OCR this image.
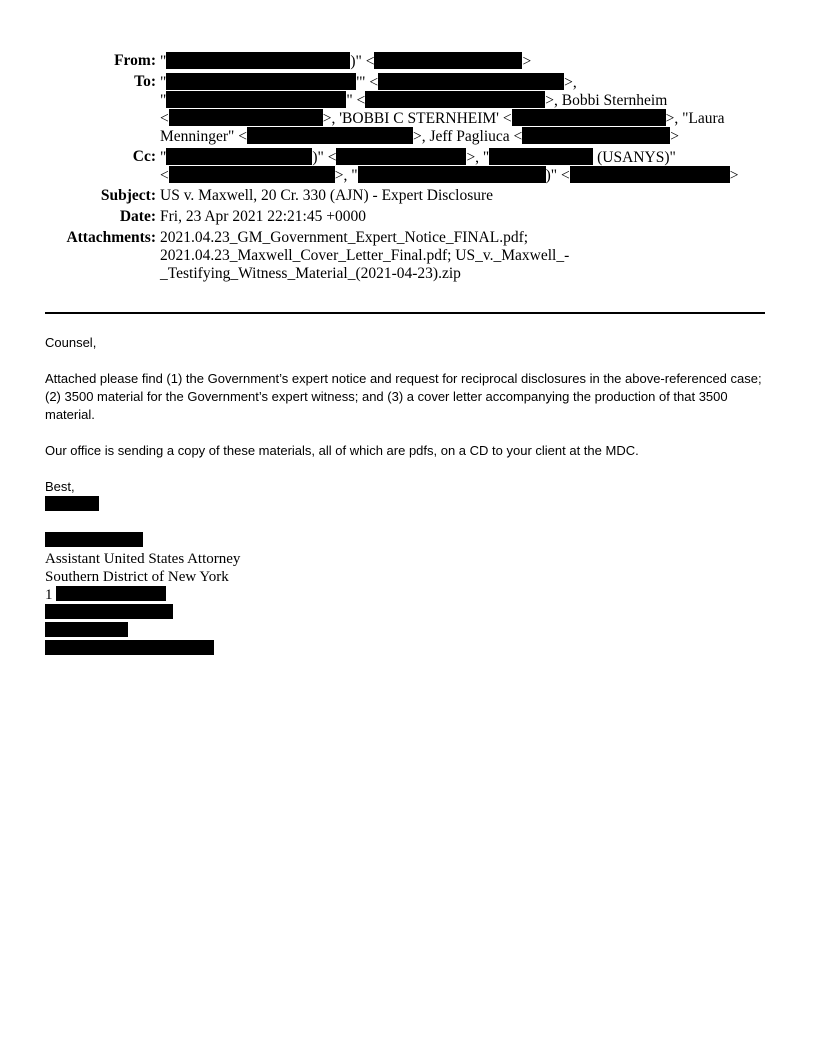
From: "	)" <	>
To: "	'" <	>,
"	" <	>, Bobbi Sternheim
<	>, 'BOBBI C STERNHEIM' <	>, "Laura
Menninger" <	>, Jeff Pagliuca <	>
Cc: "	)" <	>, "	(USANYS)"
<	>, "	)" <	>
Subject: US v. Maxwell, 20 Cr. 330 (AJN) - Expert Disclosure
Date: Fri, 23 Apr 2021 22:21:45 +0000
Attachments: 2021.04.23_GM_Government_Expert_Notice_FINAL.pdf;
2021.04.23_Maxwell_Cover_Letter_Final.pdf; US_v._Maxwell_-
_Testifying_Witness_Material_(2021-04-23).zip

Counsel,

Attached please find (1) the Government’s expert notice and request for reciprocal disclosures in the above-referenced case; (2) 3500 material for the Government’s expert witness; and (3) a cover letter accompanying the production of that 3500 material.

Our office is sending a copy of these materials, all of which are pdfs, on a CD to your client at the MDC.

Best,

Assistant United States Attorney
Southern District of New York
1
